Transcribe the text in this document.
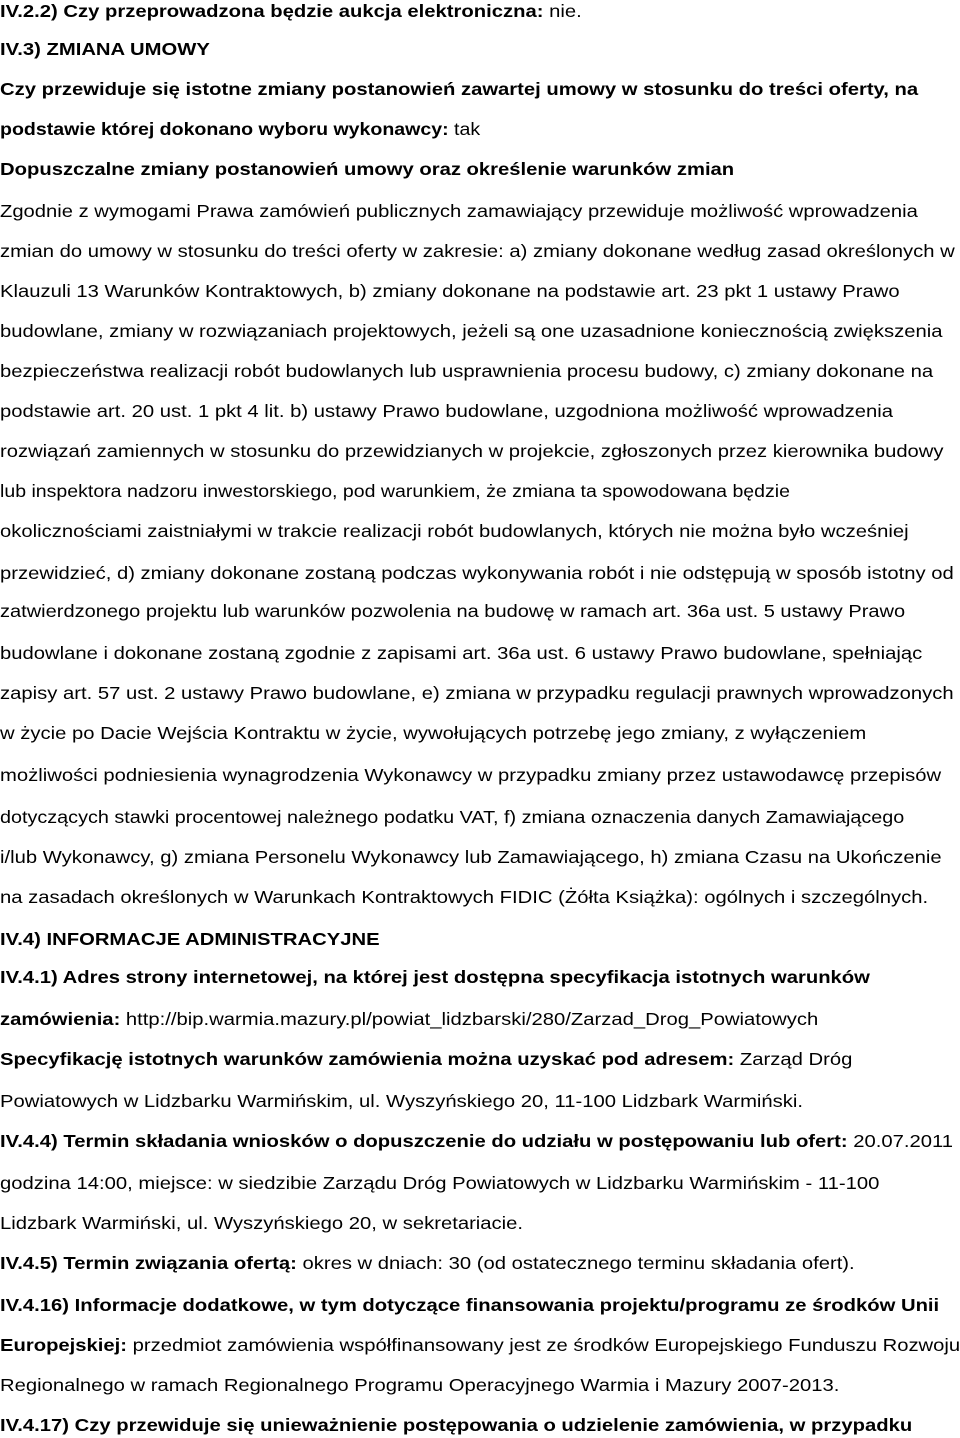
IV.2.2) Czy przeprowadzona będzie aukcja elektroniczna: nie.
IV.3) ZMIANA UMOWY
Czy przewiduje się istotne zmiany postanowień zawartej umowy w stosunku do treści oferty, na
podstawie której dokonano wyboru wykonawcy: tak
Dopuszczalne zmiany postanowień umowy oraz określenie warunków zmian
Zgodnie z wymogami Prawa zamówień publicznych zamawiający przewiduje możliwość wprowadzenia
zmian do umowy w stosunku do treści oferty w zakresie: a) zmiany dokonane według zasad określonych w
Klauzuli 13 Warunków Kontraktowych, b) zmiany dokonane na podstawie art. 23 pkt 1 ustawy Prawo
budowlane, zmiany w rozwiązaniach projektowych, jeżeli są one uzasadnione koniecznością zwiększenia
bezpieczeństwa realizacji robót budowlanych lub usprawnienia procesu budowy, c) zmiany dokonane na
podstawie art. 20 ust. 1 pkt 4 lit. b) ustawy Prawo budowlane, uzgodniona możliwość wprowadzenia
rozwiązań zamiennych w stosunku do przewidzianych w projekcie, zgłoszonych przez kierownika budowy
lub inspektora nadzoru inwestorskiego, pod warunkiem, że zmiana ta spowodowana będzie
okolicznościami zaistniałymi w trakcie realizacji robót budowlanych, których nie można było wcześniej
przewidzieć, d) zmiany dokonane zostaną podczas wykonywania robót i nie odstępują w sposób istotny od
zatwierdzonego projektu lub warunków pozwolenia na budowę w ramach art. 36a ust. 5 ustawy Prawo
budowlane i dokonane zostaną zgodnie z zapisami art. 36a ust. 6 ustawy Prawo budowlane, spełniając
zapisy art. 57 ust. 2 ustawy Prawo budowlane, e) zmiana w przypadku regulacji prawnych wprowadzonych
w życie po Dacie Wejścia Kontraktu w życie, wywołujących potrzebę jego zmiany, z wyłączeniem
możliwości podniesienia wynagrodzenia Wykonawcy w przypadku zmiany przez ustawodawcę przepisów
dotyczących stawki procentowej należnego podatku VAT, f) zmiana oznaczenia danych Zamawiającego
i/lub Wykonawcy, g) zmiana Personelu Wykonawcy lub Zamawiającego, h) zmiana Czasu na Ukończenie
na zasadach określonych w Warunkach Kontraktowych FIDIC (Żółta Książka): ogólnych i szczególnych.
IV.4) INFORMACJE ADMINISTRACYJNE
IV.4.1) Adres strony internetowej, na której jest dostępna specyfikacja istotnych warunków
zamówienia: http://bip.warmia.mazury.pl/powiat_lidzbarski/280/Zarzad_Drog_Powiatowych
Specyfikację istotnych warunków zamówienia można uzyskać pod adresem: Zarząd Dróg
Powiatowych w Lidzbarku Warmińskim, ul. Wyszyńskiego 20, 11-100 Lidzbark Warmiński.
IV.4.4) Termin składania wniosków o dopuszczenie do udziału w postępowaniu lub ofert: 20.07.2011
godzina 14:00, miejsce: w siedzibie Zarządu Dróg Powiatowych w Lidzbarku Warmińskim - 11-100
Lidzbark Warmiński, ul. Wyszyńskiego 20, w sekretariacie.
IV.4.5) Termin związania ofertą: okres w dniach: 30 (od ostatecznego terminu składania ofert).
IV.4.16) Informacje dodatkowe, w tym dotyczące finansowania projektu/programu ze środków Unii
Europejskiej: przedmiot zamówienia współfinansowany jest ze środków Europejskiego Funduszu Rozwoju
Regionalnego w ramach Regionalnego Programu Operacyjnego Warmia i Mazury 2007-2013.
IV.4.17) Czy przewiduje się unieważnienie postępowania o udzielenie zamówienia, w przypadku
